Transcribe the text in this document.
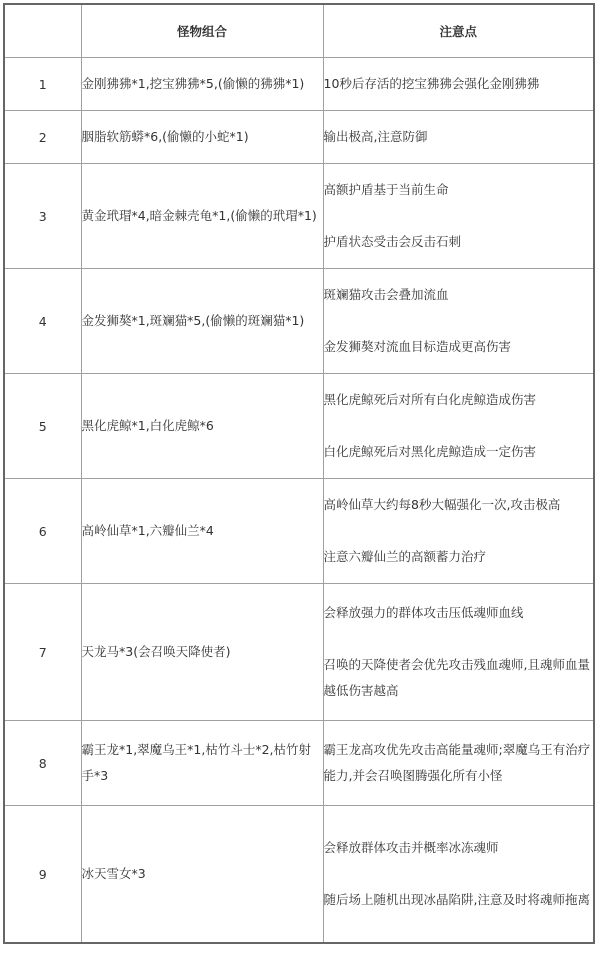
	怪物组合	注意点
1	金刚狒狒*1,挖宝狒狒*5,(偷懒的狒狒*1)	10秒后存活的挖宝狒狒会强化金刚狒狒

2	胭脂软筋蟒*6,(偷懒的小蛇*1)	输出极高,注意防御

3	黄金玳瑁*4,暗金棘壳龟*1,(偷懒的玳瑁*1)	高额护盾基于当前生命
护盾状态受击会反击石刺

4	金发狮獒*1,斑斓猫*5,(偷懒的斑斓猫*1)	斑斓猫攻击会叠加流血
金发狮獒对流血目标造成更高伤害

5	黑化虎鲸*1,白化虎鲸*6	黑化虎鲸死后对所有白化虎鲸造成伤害
白化虎鲸死后对黑化虎鲸造成一定伤害

6	高岭仙草*1,六瓣仙兰*4	高岭仙草大约每8秒大幅强化一次,攻击极高
注意六瓣仙兰的高额蓄力治疗

7	天龙马*3(会召唤天降使者)	会释放强力的群体攻击压低魂师血线
召唤的天降使者会优先攻击残血魂师,且魂师血量越低伤害越高

8	霸王龙*1,翠魔乌王*1,枯竹斗士*2,枯竹射手*3	霸王龙高攻优先攻击高能量魂师;翠魔乌王有治疗能力,并会召唤图腾强化所有小怪

9	冰天雪女*3	会释放群体攻击并概率冰冻魂师
随后场上随机出现冰晶陷阱,注意及时将魂师拖离
